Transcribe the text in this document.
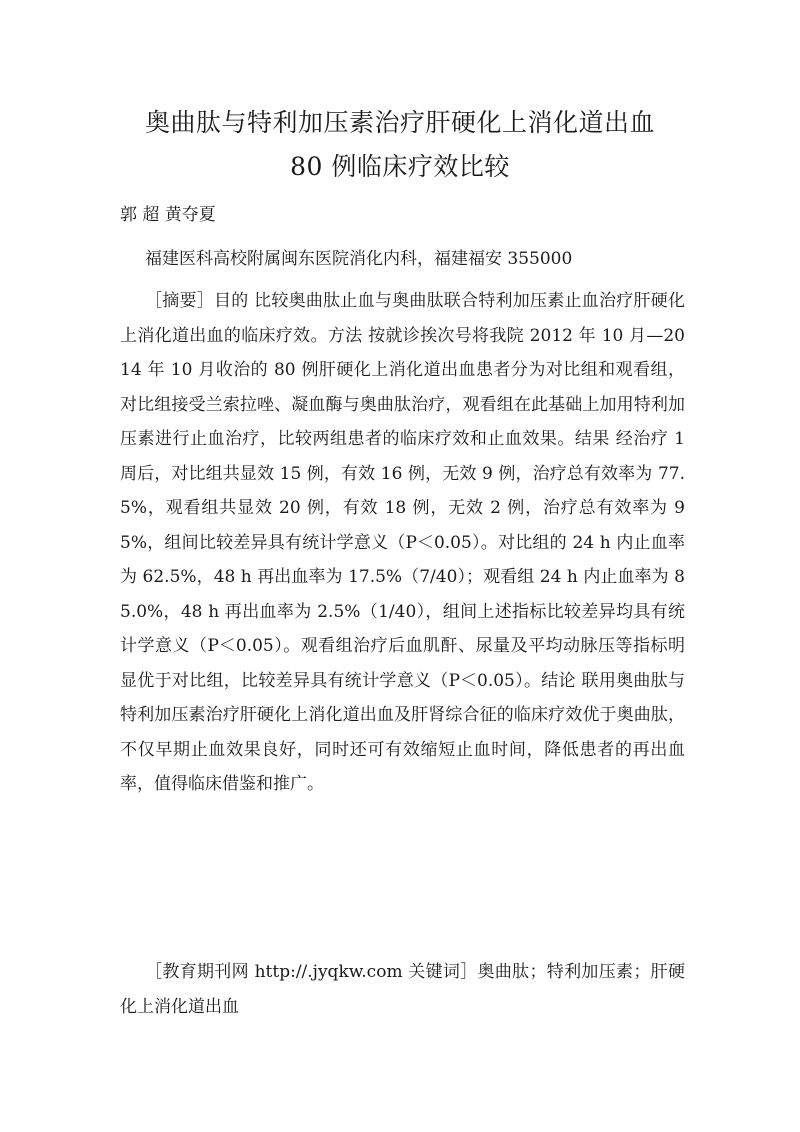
奥曲肽与特利加压素治疗肝硬化上消化道出血
80 例临床疗效比较

郭 超 黄夺夏

福建医科高校附属闽东医院消化内科，福建福安 355000

［摘要］目的 比较奥曲肽止血与奥曲肽联合特利加压素止血治疗肝硬化上消化道出血的临床疗效。方法 按就诊挨次号将我院 2012 年 10 月—2014 年 10 月收治的 80 例肝硬化上消化道出血患者分为对比组和观看组，对比组接受兰索拉唑、凝血酶与奥曲肽治疗，观看组在此基础上加用特利加压素进行止血治疗，比较两组患者的临床疗效和止血效果。结果 经治疗 1 周后，对比组共显效 15 例，有效 16 例，无效 9 例，治疗总有效率为 77.5%，观看组共显效 20 例，有效 18 例，无效 2 例，治疗总有效率为 95%，组间比较差异具有统计学意义（P＜0.05）。对比组的 24 h 内止血率为 62.5%，48 h 再出血率为 17.5%（7/40）；观看组 24 h 内止血率为 85.0%，48 h 再出血率为 2.5%（1/40），组间上述指标比较差异均具有统计学意义（P＜0.05）。观看组治疗后血肌酐、尿量及平均动脉压等指标明显优于对比组，比较差异具有统计学意义（P＜0.05）。结论 联用奥曲肽与特利加压素治疗肝硬化上消化道出血及肝肾综合征的临床疗效优于奥曲肽，不仅早期止血效果良好，同时还可有效缩短止血时间，降低患者的再出血率，值得临床借鉴和推广。

［教育期刊网 http://.jyqkw.com 关键词］奥曲肽；特利加压素；肝硬化上消化道出血
